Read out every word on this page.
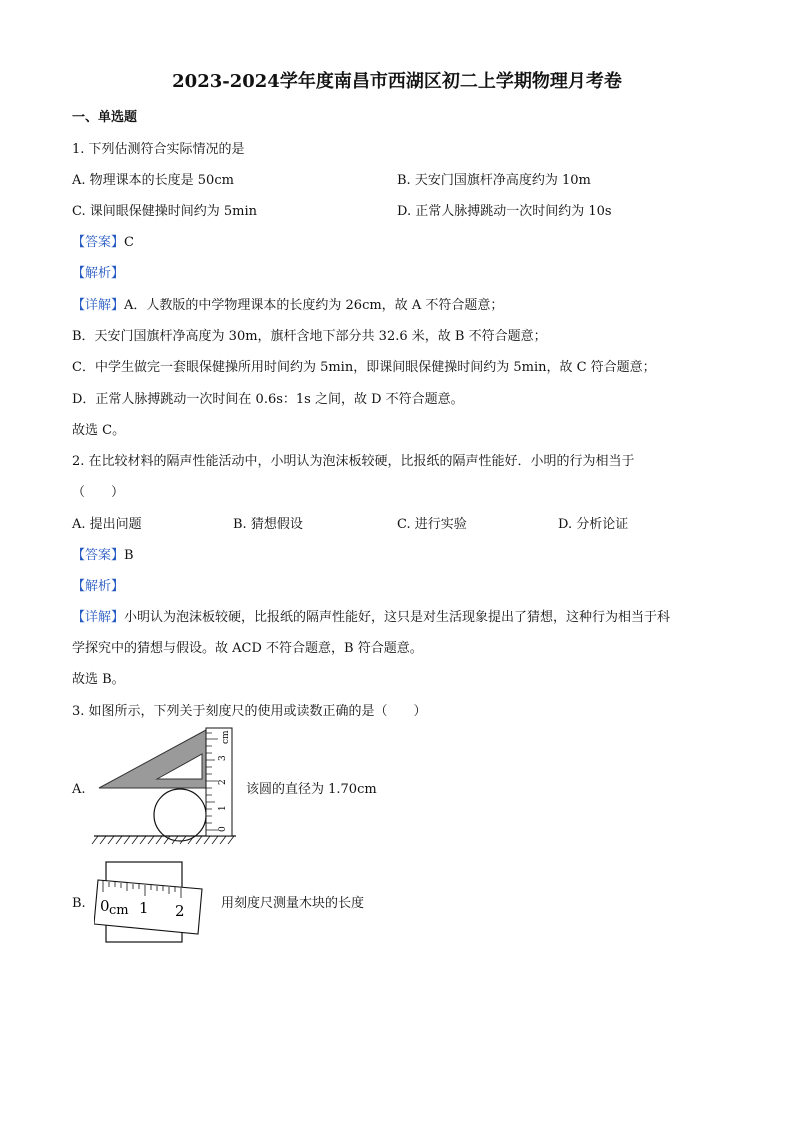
2023-2024学年度南昌市西湖区初二上学期物理月考卷
一、单选题
1. 下列估测符合实际情况的是
A. 物理课本的长度是 50cm	B. 天安门国旗杆净高度约为 10m
C. 课间眼保健操时间约为 5min	D. 正常人脉搏跳动一次时间约为 10s
【答案】C
【解析】
【详解】A．人教版的中学物理课本的长度约为 26cm，故 A 不符合题意；
B．天安门国旗杆净高度为 30m，旗杆含地下部分共 32.6 米，故 B 不符合题意；
C．中学生做完一套眼保健操所用时间约为 5min，即课间眼保健操时间约为 5min，故 C 符合题意；
D．正常人脉搏跳动一次时间在 0.6s：1s 之间，故 D 不符合题意。
故选 C。
2. 在比较材料的隔声性能活动中，小明认为泡沫板较硬，比报纸的隔声性能好．小明的行为相当于
（　　）
A. 提出问题	B. 猜想假设	C. 进行实验	D. 分析论证
【答案】B
【解析】
【详解】小明认为泡沫板较硬，比报纸的隔声性能好，这只是对生活现象提出了猜想，这种行为相当于科
学探究中的猜想与假设。故 ACD 不符合题意，B 符合题意。
故选 B。
3. 如图所示，下列关于刻度尺的使用或读数正确的是（　　）
A.
0
1
2
3
cm
该圆的直径为 1.70cm
B. 0 cm 1 2	用刻度尺测量木块的长度
